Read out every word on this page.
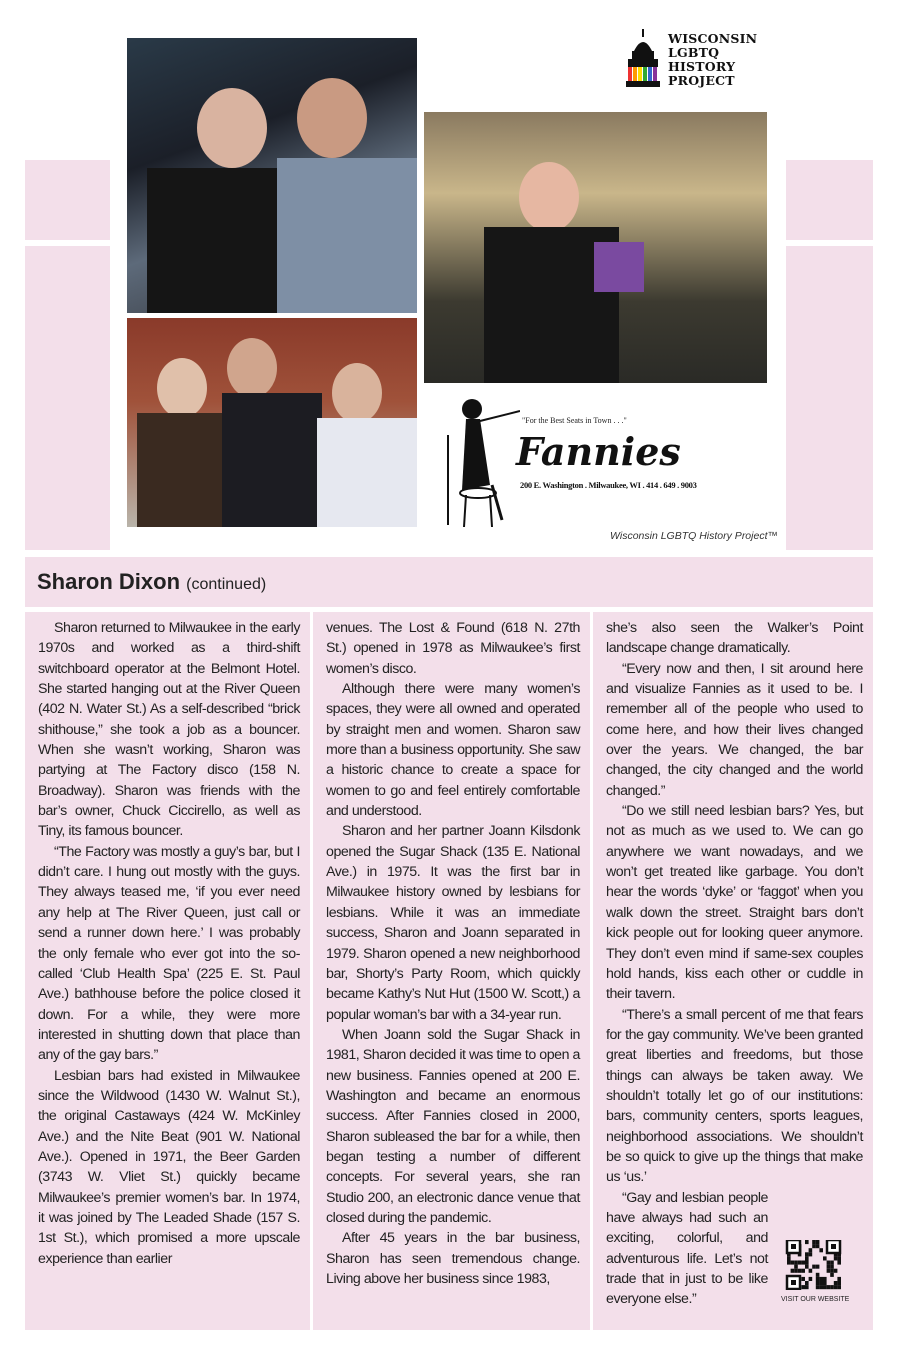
WISCONSIN
LGBTQ
HISTORY
PROJECT
"For the Best Seats in Town . . ."
Fannies
200 E. Washington . Milwaukee, WI . 414 . 649 . 9003
Wisconsin LGBTQ History Project™
Sharon Dixon (continued)

Sharon returned to Milwaukee in the early 1970s and worked as a third-shift switchboard operator at the Belmont Hotel. She started hanging out at the River Queen (402 N. Water St.) As a self-described “brick shithouse,” she took a job as a bouncer. When she wasn’t working, Sharon was partying at The Factory disco (158 N. Broadway). Sharon was friends with the bar’s owner, Chuck Ciccirello, as well as Tiny, its famous bouncer.

“The Factory was mostly a guy’s bar, but I didn’t care. I hung out mostly with the guys. They always teased me, ‘if you ever need any help at The River Queen, just call or send a runner down here.’ I was probably the only female who ever got into the so-called ‘Club Health Spa’ (225 E. St. Paul Ave.) bathhouse before the police closed it down. For a while, they were more interested in shutting down that place than any of the gay bars.”

Lesbian bars had existed in Milwaukee since the Wildwood (1430 W. Walnut St.), the original Castaways (424 W. McKinley Ave.) and the Nite Beat (901 W. National Ave.). Opened in 1971, the Beer Garden (3743 W. Vliet St.) quickly became Milwaukee’s premier women’s bar. In 1974, it was joined by The Leaded Shade (157 S. 1st St.), which promised a more upscale experience than earlier

venues. The Lost & Found (618 N. 27th St.) opened in 1978 as Milwaukee’s first women’s disco.

Although there were many women’s spaces, they were all owned and operated by straight men and women. Sharon saw more than a business opportunity. She saw a historic chance to create a space for women to go and feel entirely comfortable and understood.

Sharon and her partner Joann Kilsdonk opened the Sugar Shack (135 E. National Ave.) in 1975. It was the first bar in Milwaukee history owned by lesbians for lesbians. While it was an immediate success, Sharon and Joann separated in 1979. Sharon opened a new neighborhood bar, Shorty’s Party Room, which quickly became Kathy’s Nut Hut (1500 W. Scott,) a popular woman’s bar with a 34-year run.

When Joann sold the Sugar Shack in 1981, Sharon decided it was time to open a new business. Fannies opened at 200 E. Washington and became an enormous success. After Fannies closed in 2000, Sharon subleased the bar for a while, then began testing a number of different concepts. For several years, she ran Studio 200, an electronic dance venue that closed during the pandemic.

After 45 years in the bar business, Sharon has seen tremendous change. Living above her business since 1983,

she’s also seen the Walker’s Point landscape change dramatically.

“Every now and then, I sit around here and visualize Fannies as it used to be. I remember all of the people who used to come here, and how their lives changed over the years. We changed, the bar changed, the city changed and the world changed.”

“Do we still need lesbian bars? Yes, but not as much as we used to. We can go anywhere we want nowadays, and we won’t get treated like garbage. You don’t hear the words ‘dyke’ or ‘faggot’ when you walk down the street. Straight bars don’t kick people out for looking queer anymore. They don’t even mind if same-sex couples hold hands, kiss each other or cuddle in their tavern.

“There’s a small percent of me that fears for the gay community. We’ve been granted great liberties and freedoms, but those things can always be taken away. We shouldn’t totally let go of our institutions: bars, community centers, sports leagues, neighborhood associations. We shouldn’t be so quick to give up the things that make us ‘us.’

“Gay and lesbian people have always had such an exciting, colorful, and adventurous life. Let’s not trade that in just to be like everyone else.”	VISIT OUR WEBSITE
